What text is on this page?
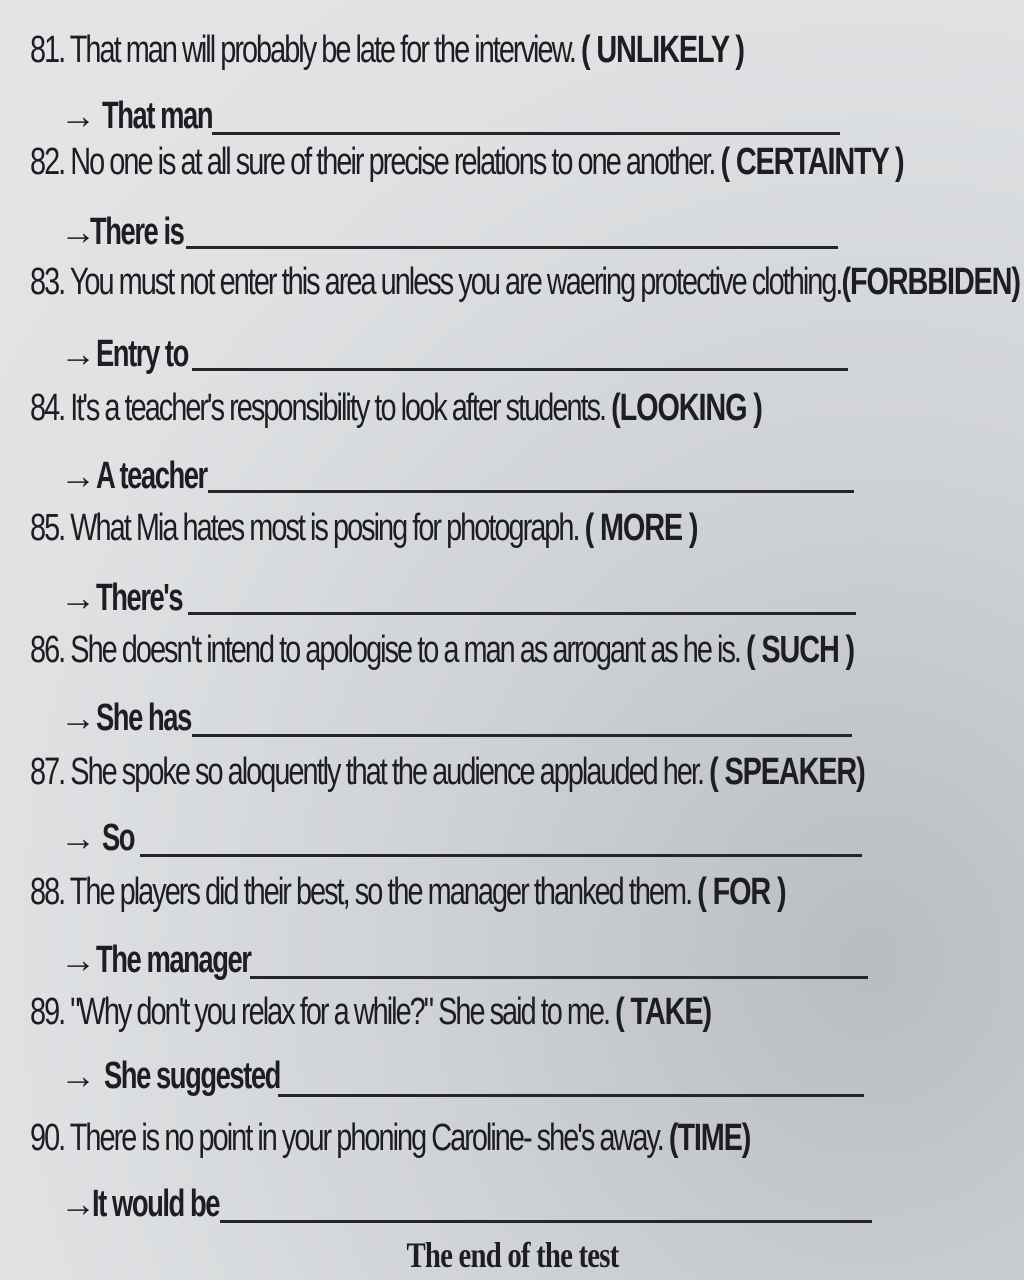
81. That man will probably be late for the interview. ( UNLIKELY )
→ That man
82. No one is at all sure of their precise relations to one another. ( CERTAINTY )
→
There is
83. You must not enter this area unless you are waering protective clothing.(FORBBIDEN)
→ Entry to
84. It's a teacher's responsibility to look after students. (LOOKING )
→ A teacher
85. What Mia hates most is posing for photograph. ( MORE )
→ There's
86. She doesn't intend to apologise to a man as arrogant as he is. ( SUCH )
→ She has
87. She spoke so aloquently that the audience applauded her. ( SPEAKER)
→ So
88. The players did their best, so the manager thanked them. ( FOR )
→ The manager
89. "Why don't you relax for a while?" She said to me. ( TAKE)
→ She suggested
90. There is no point in your phoning Caroline- she's away. (TIME)
→
It would be
The end of the test
